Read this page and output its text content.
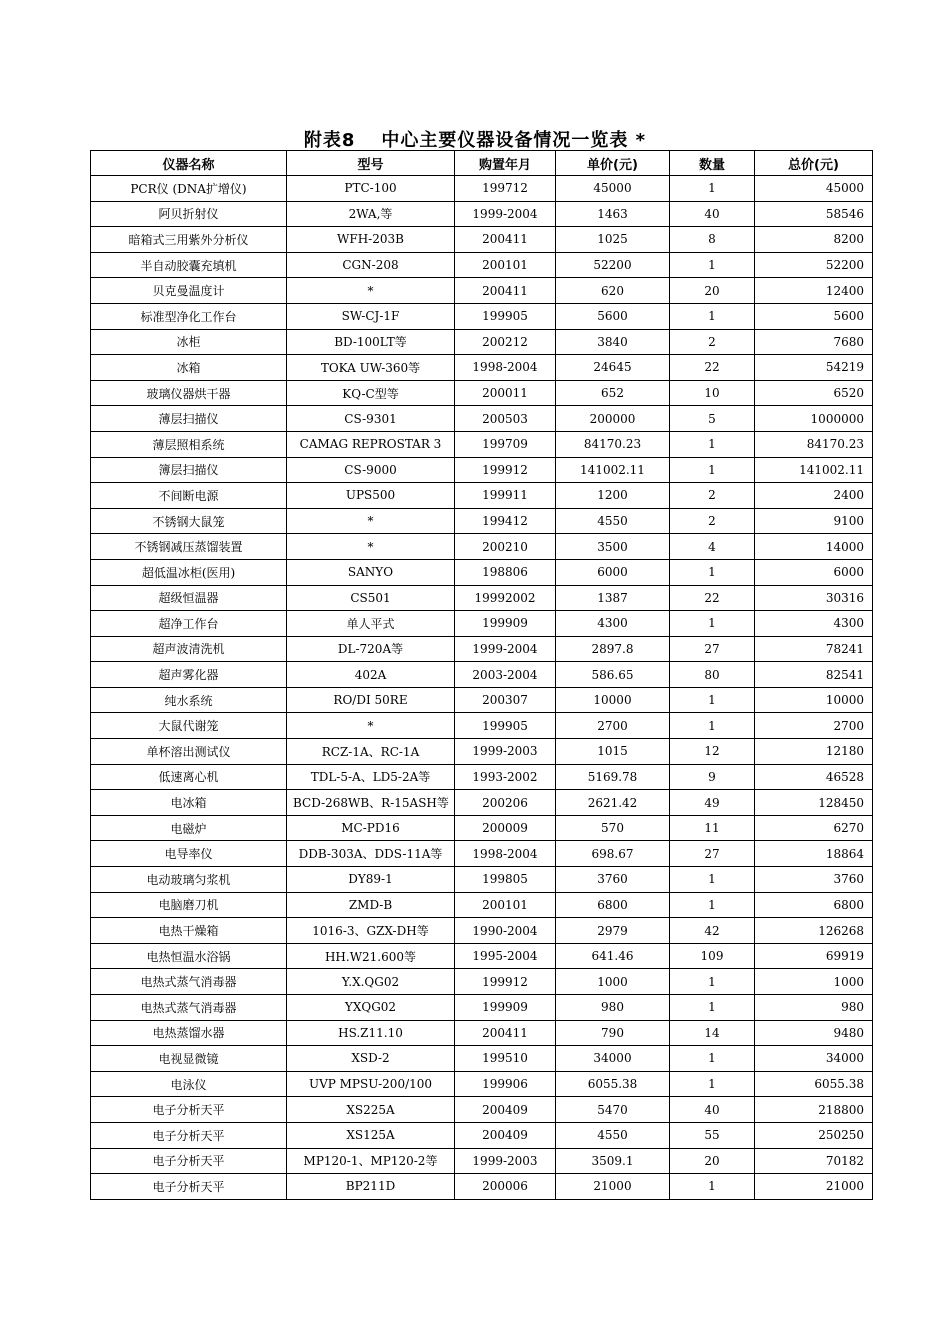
附表8 中心主要仪器设备情况一览表 *
仪器名称	型号	购置年月	单价(元)	数量	总价(元)
PCR仪 (DNA扩增仪)	PTC-100	199712	45000	1	45000
阿贝折射仪	2WA,等	1999-2004	1463	40	58546
暗箱式三用紫外分析仪	WFH-203B	200411	1025	8	8200
半自动胶囊充填机	CGN-208	200101	52200	1	52200
贝克曼温度计	*	200411	620	20	12400
标准型净化工作台	SW-CJ-1F	199905	5600	1	5600
冰柜	BD-100LT等	200212	3840	2	7680
冰箱	TOKA UW-360等	1998-2004	24645	22	54219
玻璃仪器烘干器	KQ-C型等	200011	652	10	6520
薄层扫描仪	CS-9301	200503	200000	5	1000000
薄层照相系统	CAMAG REPROSTAR 3	199709	84170.23	1	84170.23
簿层扫描仪	CS-9000	199912	141002.11	1	141002.11
不间断电源	UPS500	199911	1200	2	2400
不锈钢大鼠笼	*	199412	4550	2	9100
不锈钢减压蒸馏装置	*	200210	3500	4	14000
超低温冰柜(医用)	SANYO	198806	6000	1	6000
超级恒温器	CS501	19992002	1387	22	30316
超净工作台	单人平式	199909	4300	1	4300
超声波清洗机	DL-720A等	1999-2004	2897.8	27	78241
超声雾化器	402A	2003-2004	586.65	80	82541
纯水系统	RO/DI 50RE	200307	10000	1	10000
大鼠代谢笼	*	199905	2700	1	2700
单杯溶出测试仪	RCZ-1A、RC-1A	1999-2003	1015	12	12180
低速离心机	TDL-5-A、LD5-2A等	1993-2002	5169.78	9	46528
电冰箱	BCD-268WB、R-15ASH等	200206	2621.42	49	128450
电磁炉	MC-PD16	200009	570	11	6270
电导率仪	DDB-303A、DDS-11A等	1998-2004	698.67	27	18864
电动玻璃匀浆机	DY89-1	199805	3760	1	3760
电脑磨刀机	ZMD-B	200101	6800	1	6800
电热干燥箱	1016-3、GZX-DH等	1990-2004	2979	42	126268
电热恒温水浴锅	HH.W21.600等	1995-2004	641.46	109	69919
电热式蒸气消毒器	Y.X.QG02	199912	1000	1	1000
电热式蒸气消毒器	YXQG02	199909	980	1	980
电热蒸馏水器	HS.Z11.10	200411	790	14	9480
电视显微镜	XSD-2	199510	34000	1	34000
电泳仪	UVP MPSU-200/100	199906	6055.38	1	6055.38
电子分析天平	XS225A	200409	5470	40	218800
电子分析天平	XS125A	200409	4550	55	250250
电子分析天平	MP120-1、MP120-2等	1999-2003	3509.1	20	70182
电子分析天平	BP211D	200006	21000	1	21000
